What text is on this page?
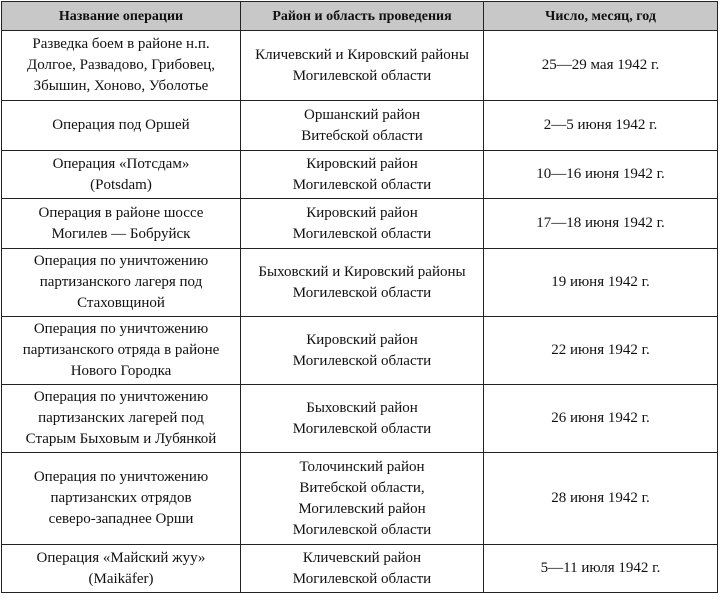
Название операции	Район и область проведения	Число, месяц, год

Разведка боем в районе н.п.
Долгое, Развадово, Грибовец,
Збышин, Хоново, Уболотье	Кличевский и Кировский районы
Могилевской области	25—29 мая 1942 г.

Операция под Оршей	Оршанский район
Витебской области	2—5 июня 1942 г.

Операция «Потсдам»
(Potsdam)	Кировский район
Могилевской области	10—16 июня 1942 г.

Операция в районе шоссе
Могилев — Бобруйск	Кировский район
Могилевской области	17—18 июня 1942 г.

Операция по уничтожению
партизанского лагеря под
Стаховщиной	Быховский и Кировский районы
Могилевской области	19 июня 1942 г.

Операция по уничтожению
партизанского отряда в районе
Нового Городка	Кировский район
Могилевской области	22 июня 1942 г.

Операция по уничтожению
партизанских лагерей под
Старым Быховым и Лубянкой	Быховский район
Могилевской области	26 июня 1942 г.

Операция по уничтожению
партизанских отрядов
северо-западнее Орши	Толочинский район
Витебской области,
Могилевский район
Могилевской области	28 июня 1942 г.

Операция «Майский жуу»
(Maikäfer)	Кличевский район
Могилевской области	5—11 июля 1942 г.
